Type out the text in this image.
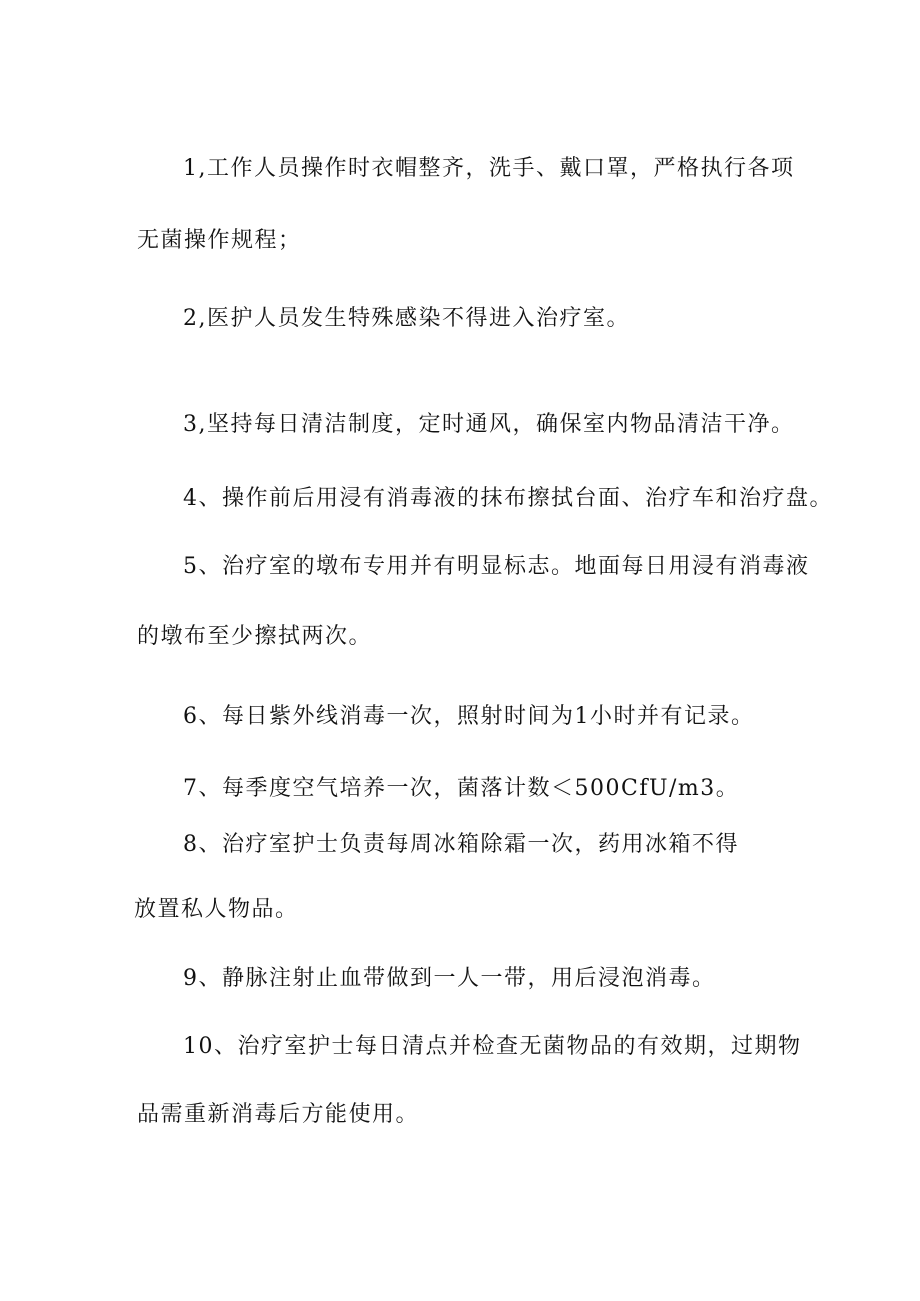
1,工作人员操作时衣帽整齐，洗手、戴口罩，严格执行各项
无菌操作规程；
2,医护人员发生特殊感染不得进入治疗室。
3,坚持每日清洁制度，定时通风，确保室内物品清洁干净。
4、操作前后用浸有消毒液的抹布擦拭台面、治疗车和治疗盘。
5、治疗室的墩布专用并有明显标志。地面每日用浸有消毒液
的墩布至少擦拭两次。
6、每日紫外线消毒一次，照射时间为1小时并有记录。
7、每季度空气培养一次，菌落计数＜500CfU/m3。
8、治疗室护士负责每周冰箱除霜一次，药用冰箱不得
放置私人物品。
9、静脉注射止血带做到一人一带，用后浸泡消毒。
10、治疗室护士每日清点并检查无菌物品的有效期，过期物
品需重新消毒后方能使用。
